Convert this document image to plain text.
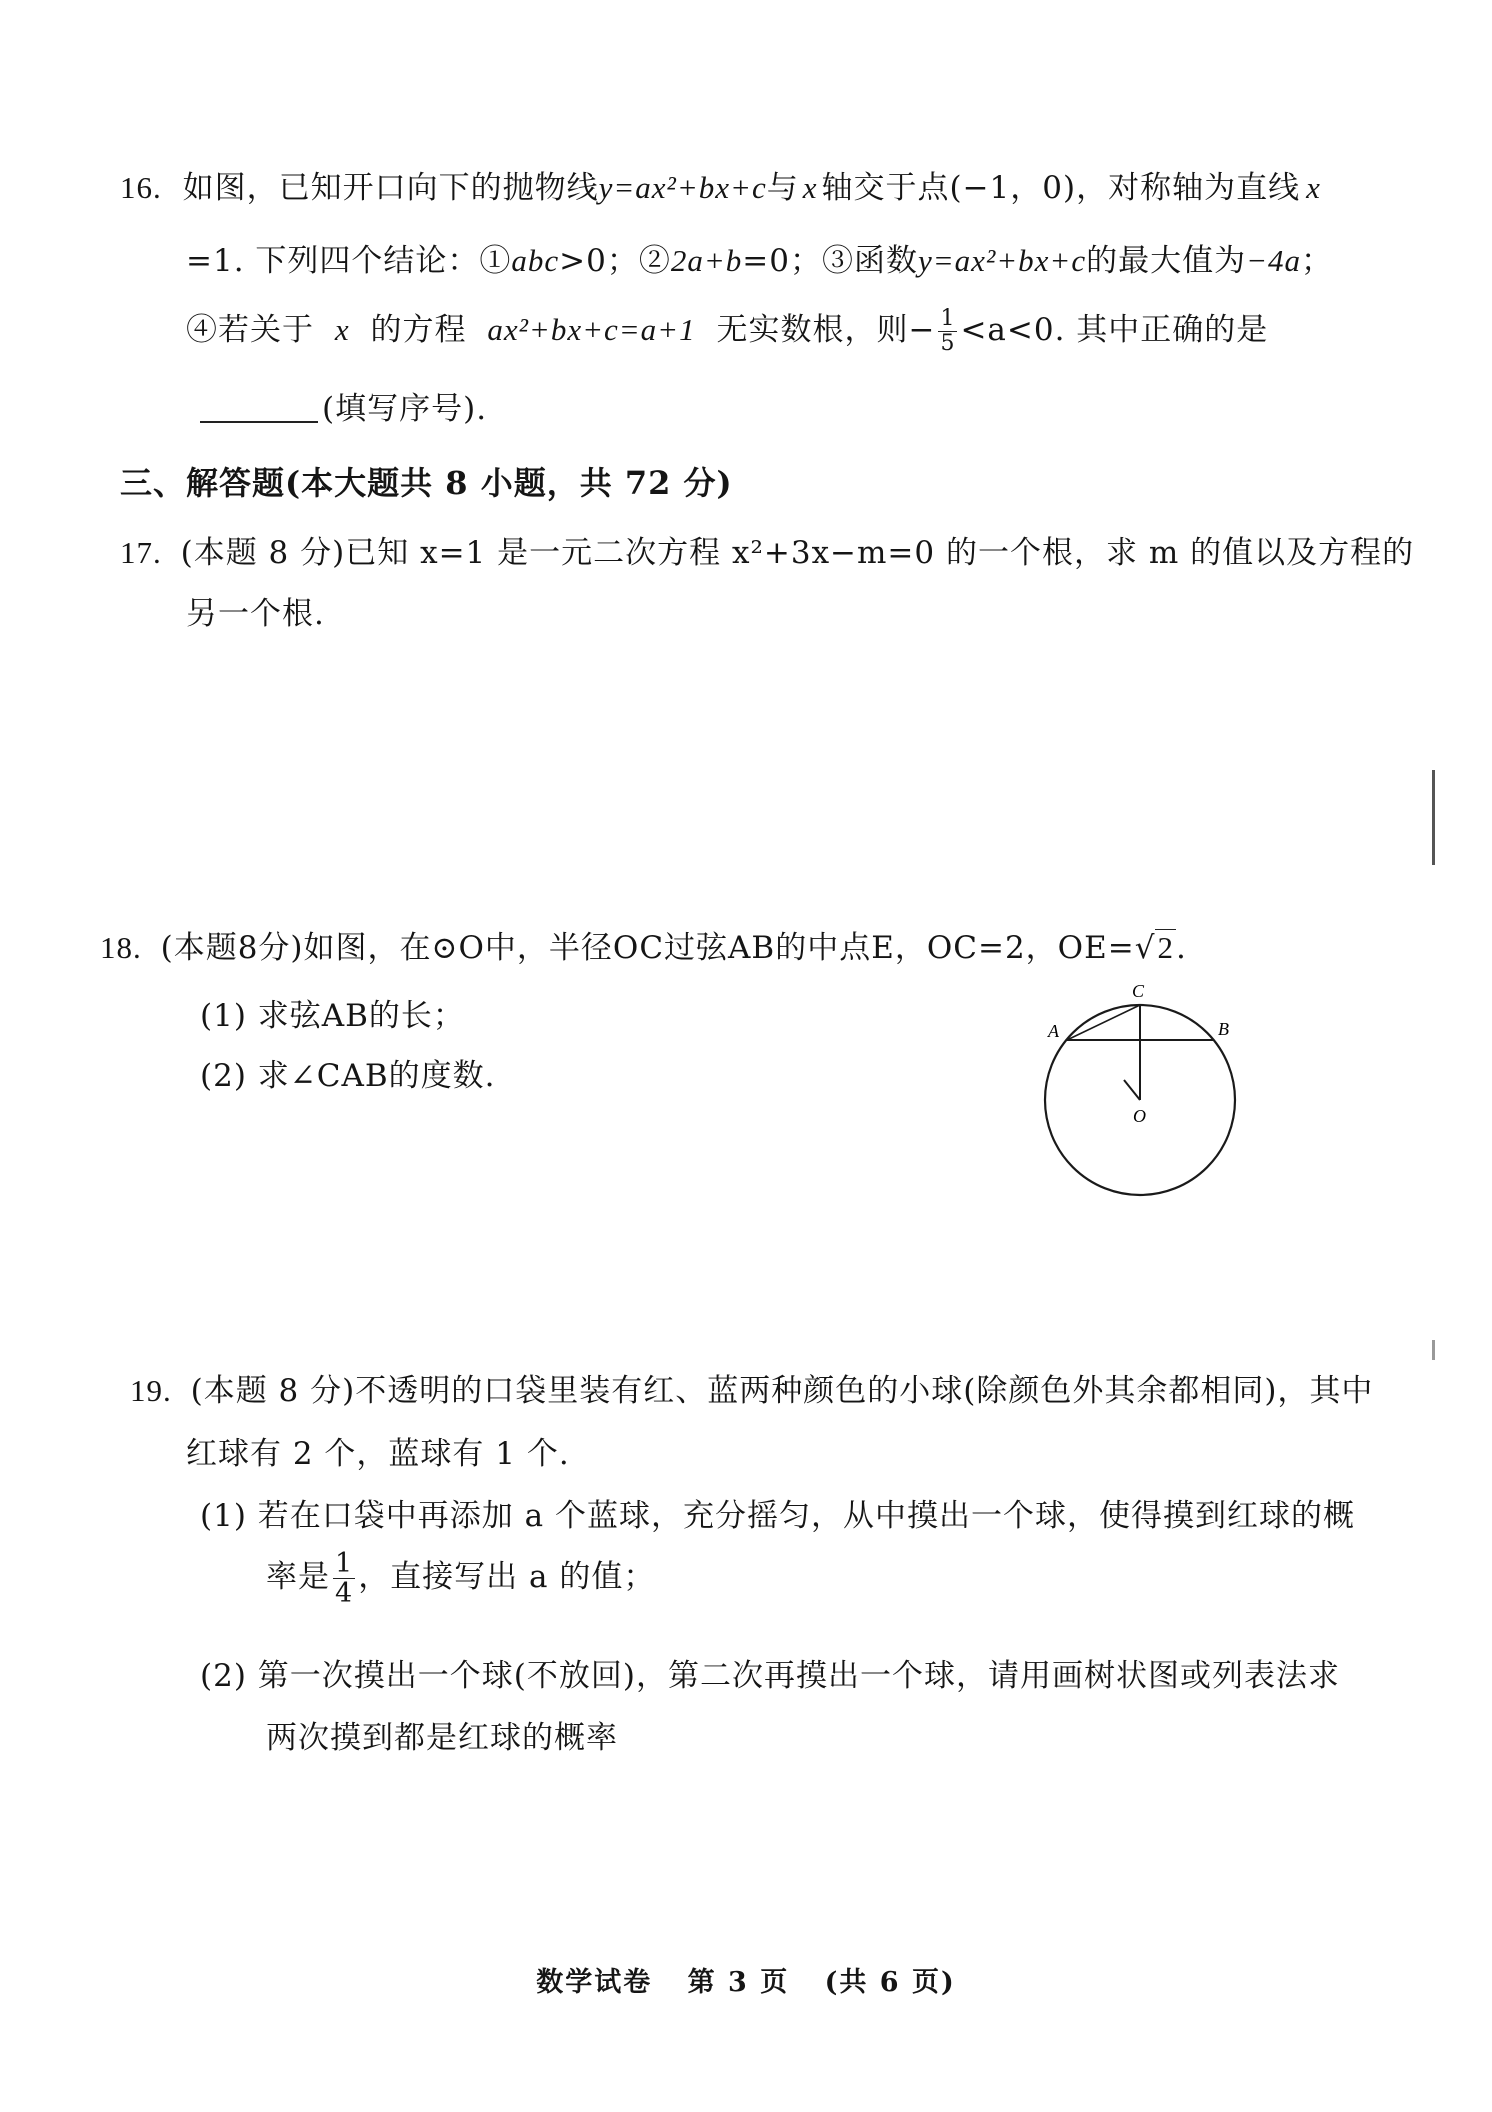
16. 如图，已知开口向下的抛物线y=ax²+bx+c与 x 轴交于点(−1，0)，对称轴为直线 x
=1. 下列四个结论：①abc>0；②2a+b=0；③函数y=ax²+bx+c的最大值为−4a；
④若关于 x 的方程 ax²+bx+c=a+1 无实数根，则− $\frac{1}{5} <a<0$. 其中正确的是
(填写序号).
三、解答题(本大题共 8 小题，共 72 分)
17. (本题 8 分)已知 x=1 是一元二次方程 x²+3x−m=0 的一个根，求 m 的值以及方程的
另一个根.
18. (本题8分)如图，在⊙O中，半径OC过弦AB的中点E，OC=2，OE=√2.
(1) 求弦AB的长；
(2) 求∠CAB的度数.
A	B
C
O
19. (本题 8 分)不透明的口袋里装有红、蓝两种颜色的小球(除颜色外其余都相同)，其中
红球有 2 个，蓝球有 1 个.
(1) 若在口袋中再添加 a 个蓝球，充分摇匀，从中摸出一个球，使得摸到红球的概
率是 $\frac{1}{4}$ ，直接写出 a 的值；
(2) 第一次摸出一个球(不放回)，第二次再摸出一个球，请用画树状图或列表法求
两次摸到都是红球的概率
数学试卷 第 3 页 (共 6 页)
